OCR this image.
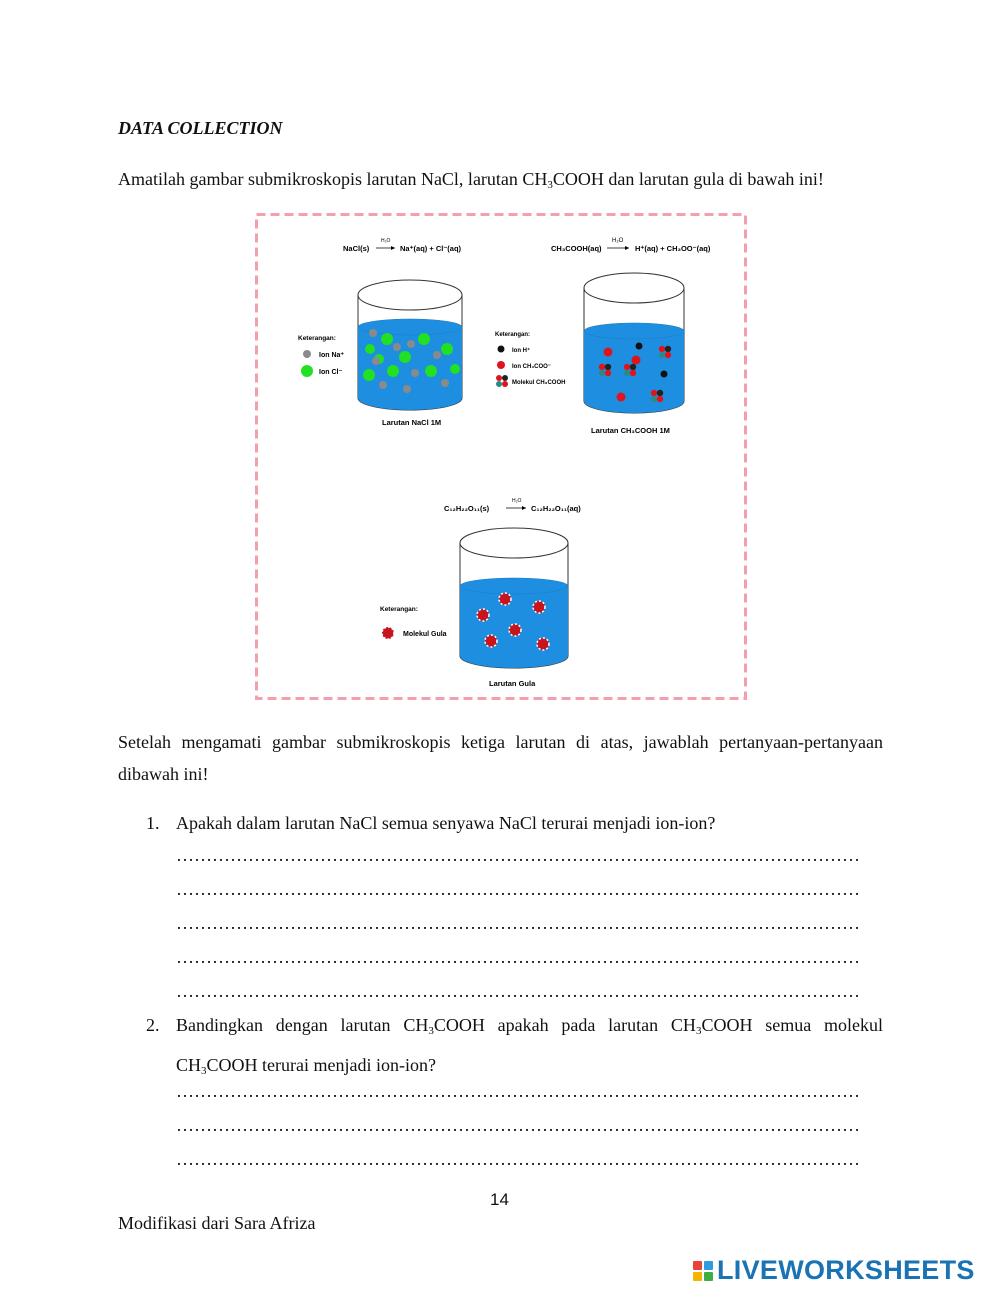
DATA COLLECTION
Amatilah gambar submikroskopis larutan NaCl, larutan $CH_3COOH$ dan larutan gula di bawah ini!
NaCl(s)
H₂O
Na⁺(aq) + Cl⁻(aq)
Keterangan:
Ion Na⁺
Ion Cl⁻
Larutan NaCl 1M
CH₃COOH(aq)
H₂O
H⁺(aq) + CH₃OO⁻(aq)
Keterangan:
Ion H⁺
Ion CH₃COO⁻
Molekul CH₃COOH
Larutan CH₃COOH 1M
C₁₂H₂₂O₁₁(s)
H₂O
C₁₂H₂₂O₁₁(aq)
Keterangan:
Molekul Gula
Larutan Gula
Setelah mengamati gambar submikroskopis ketiga larutan di atas, jawablah pertanyaan-pertanyaan dibawah ini!
1. Apakah dalam larutan NaCl semua senyawa NaCl terurai menjadi ion-ion?
……………………………………………………………………………………………………
……………………………………………………………………………………………………
……………………………………………………………………………………………………
……………………………………………………………………………………………………
……………………………………………………………………………………………………
2. Bandingkan dengan larutan $CH_3COOH$ apakah pada larutan $CH_3COOH$ semua molekul $CH_3COOH$ terurai menjadi ion-ion?
……………………………………………………………………………………………………
……………………………………………………………………………………………………
……………………………………………………………………………………………………
14
Modifikasi dari Sara Afriza
LIVEWORKSHEETS
